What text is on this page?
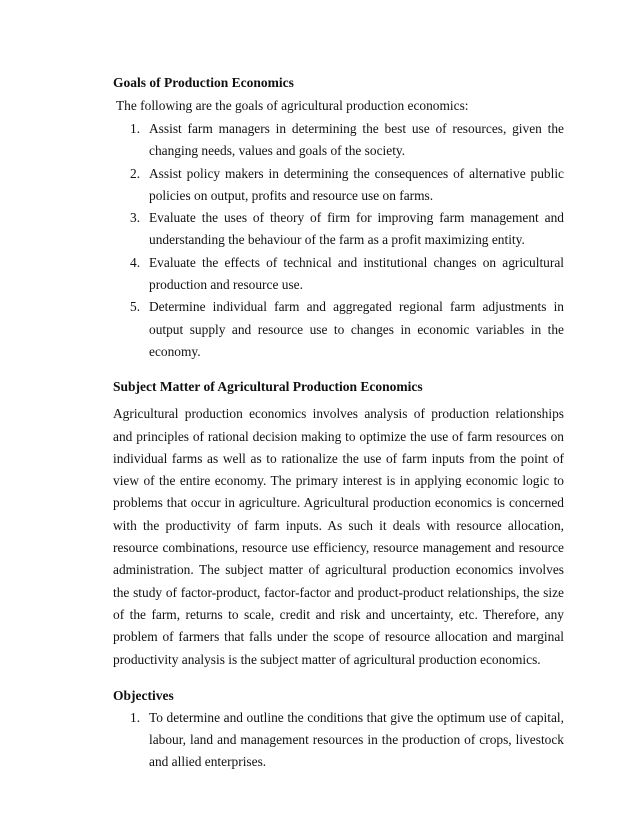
Goals of Production Economics

The following are the goals of agricultural production economics:

1. Assist farm managers in determining the best use of resources, given the changing needs, values and goals of the society.
2. Assist policy makers in determining the consequences of alternative public policies on output, profits and resource use on farms.
3. Evaluate the uses of theory of firm for improving farm management and understanding the behaviour of the farm as a profit maximizing entity.
4. Evaluate the effects of technical and institutional changes on agricultural production and resource use.
5. Determine individual farm and aggregated regional farm adjustments in output supply and resource use to changes in economic variables in the economy.

Subject Matter of Agricultural Production Economics

Agricultural production economics involves analysis of production relationships and principles of rational decision making to optimize the use of farm resources on individual farms as well as to rationalize the use of farm inputs from the point of view of the entire economy. The primary interest is in applying economic logic to problems that occur in agriculture. Agricultural production economics is concerned with the productivity of farm inputs. As such it deals with resource allocation, resource combinations, resource use efficiency, resource management and resource administration. The subject matter of agricultural production economics involves the study of factor-product, factor-factor and product-product relationships, the size of the farm, returns to scale, credit and risk and uncertainty, etc. Therefore, any problem of farmers that falls under the scope of resource allocation and marginal productivity analysis is the subject matter of agricultural production economics.

Objectives

1. To determine and outline the conditions that give the optimum use of capital, labour, land and management resources in the production of crops, livestock and allied enterprises.
